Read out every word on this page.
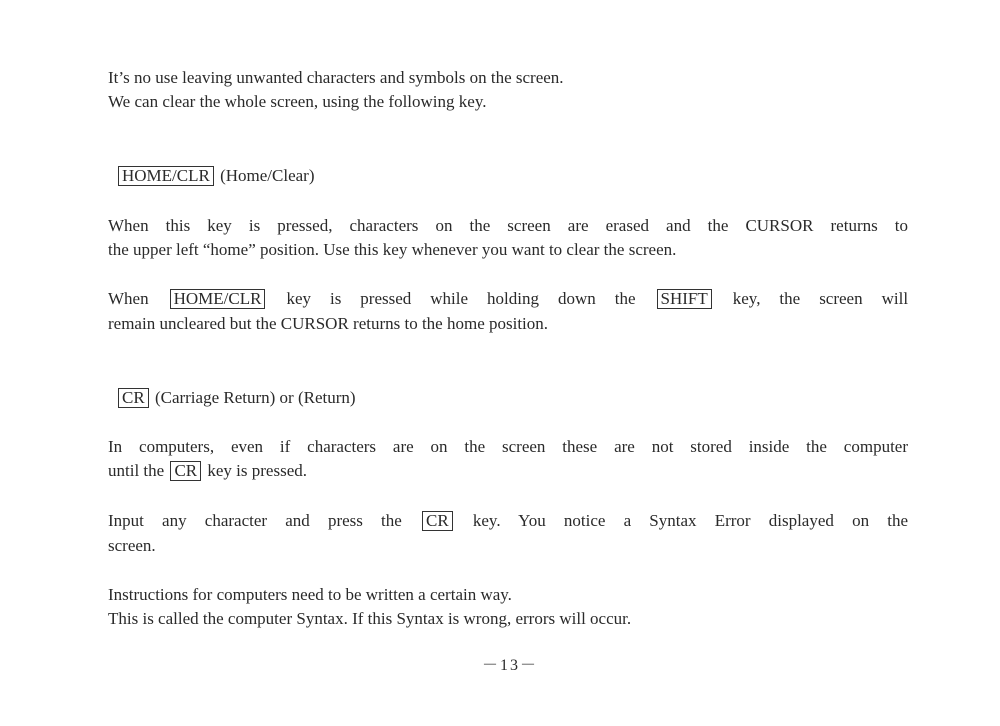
It’s no use leaving unwanted characters and symbols on the screen.

We can clear the whole screen, using the following key.

HOME/CLR (Home/Clear)

When this key is pressed, characters on the screen are erased and the CURSOR returns to

the upper left “home” position. Use this key whenever you want to clear the screen.

When HOME/CLR key is pressed while holding down the SHIFT key, the screen will

remain uncleared but the CURSOR returns to the home position.

CR (Carriage Return) or (Return)

In computers, even if characters are on the screen these are not stored inside the computer

until the CR key is pressed.

Input any character and press the CR key. You notice a Syntax Error displayed on the

screen.

Instructions for computers need to be written a certain way.

This is called the computer Syntax. If this Syntax is wrong, errors will occur.

－13－
